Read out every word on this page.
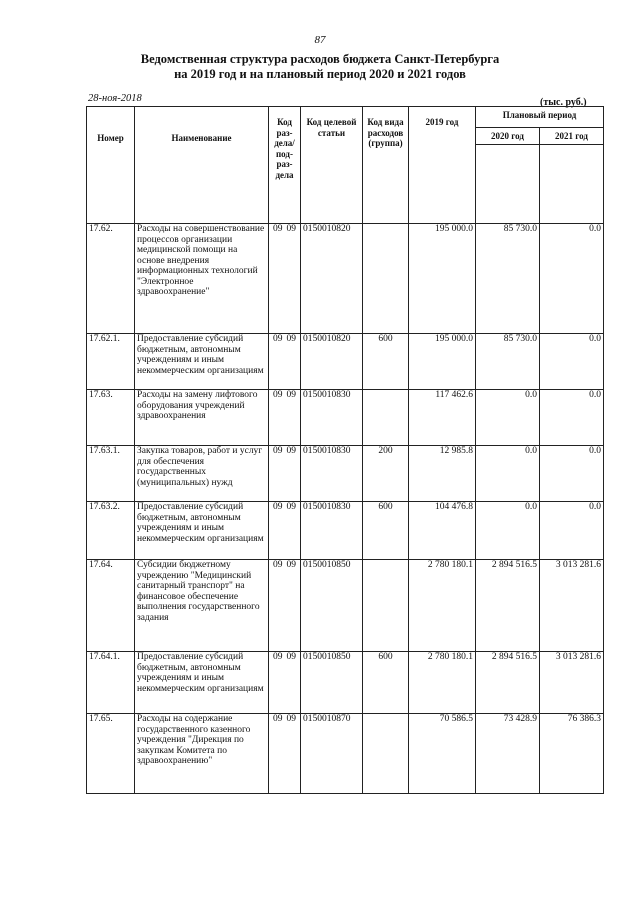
87
Ведомственная структура расходов бюджета Санкт-Петербурга
на 2019 год и на плановый период 2020 и 2021 годов
28-ноя-2018	(тыс. руб.)
Номер	Наименование	Код раз-дела/ под-раз-дела	Код целевой статьи	Код вида расходов (группа)	2019 год	Плановый период	
						2020 год	2021 год

17.62.	Расходы на совершенствование процессов организации медицинской помощи на основе внедрения информационных технологий "Электронное здравоохранение"	09 09	0150010820		195 000.0	85 730.0	0.0
17.62.1.	Предоставление субсидий бюджетным, автономным учреждениям и иным некоммерческим организациям	09 09	0150010820	600	195 000.0	85 730.0	0.0
17.63.	Расходы на замену лифтового оборудования учреждений здравоохранения	09 09	0150010830		117 462.6	0.0	0.0
17.63.1.	Закупка товаров, работ и услуг для обеспечения государственных (муниципальных) нужд	09 09	0150010830	200	12 985.8	0.0	0.0
17.63.2.	Предоставление субсидий бюджетным, автономным учреждениям и иным некоммерческим организациям	09 09	0150010830	600	104 476.8	0.0	0.0
17.64.	Субсидии бюджетному учреждению "Медицинский санитарный транспорт" на финансовое обеспечение выполнения государственного задания	09 09	0150010850		2 780 180.1	2 894 516.5	3 013 281.6
17.64.1.	Предоставление субсидий бюджетным, автономным учреждениям и иным некоммерческим организациям	09 09	0150010850	600	2 780 180.1	2 894 516.5	3 013 281.6
17.65.	Расходы на содержание государственного казенного учреждения "Дирекция по закупкам Комитета по здравоохранению"	09 09	0150010870		70 586.5	73 428.9	76 386.3
